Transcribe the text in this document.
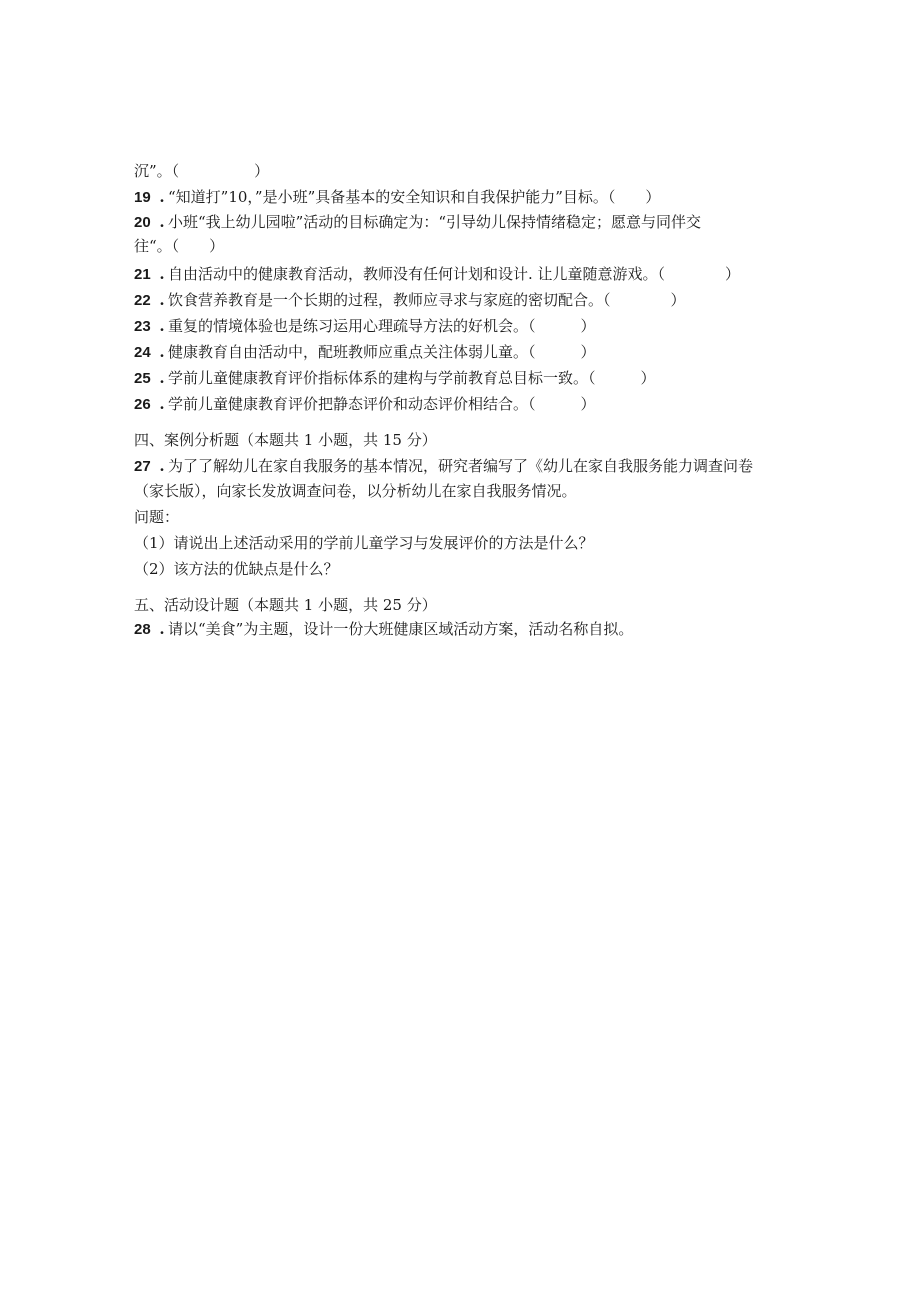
沉”。（　　　　　）
19 . “知道打”10，”是小班”具备基本的安全知识和自我保护能力”目标。（　　）
20 . 小班“我上幼儿园啦”活动的目标确定为：“引导幼儿保持情绪稳定；愿意与同伴交
往“。（　　）
21 . 自由活动中的健康教育活动，教师没有任何计划和设计. 让儿童随意游戏。（　　　　）
22 . 饮食营养教育是一个长期的过程，教师应寻求与家庭的密切配合。（　　　　）
23 . 重复的情境体验也是练习运用心理疏导方法的好机会。（　　　）
24 . 健康教育自由活动中，配班教师应重点关注体弱儿童。（　　　）
25 . 学前儿童健康教育评价指标体系的建构与学前教育总目标一致。（　　　）
26 . 学前儿童健康教育评价把静态评价和动态评价相结合。（　　　）
四、案例分析题（本题共 1 小题，共 15 分）
27 . 为了了解幼儿在家自我服务的基本情况，研究者编写了《幼儿在家自我服务能力调查问卷
（家长版），向家长发放调查问卷，以分析幼儿在家自我服务情况。
问题：
（1）请说出上述活动采用的学前儿童学习与发展评价的方法是什么？
（2）该方法的优缺点是什么？
五、活动设计题（本题共 1 小题，共 25 分）
28 . 请以“美食”为主题，设计一份大班健康区域活动方案，活动名称自拟。
